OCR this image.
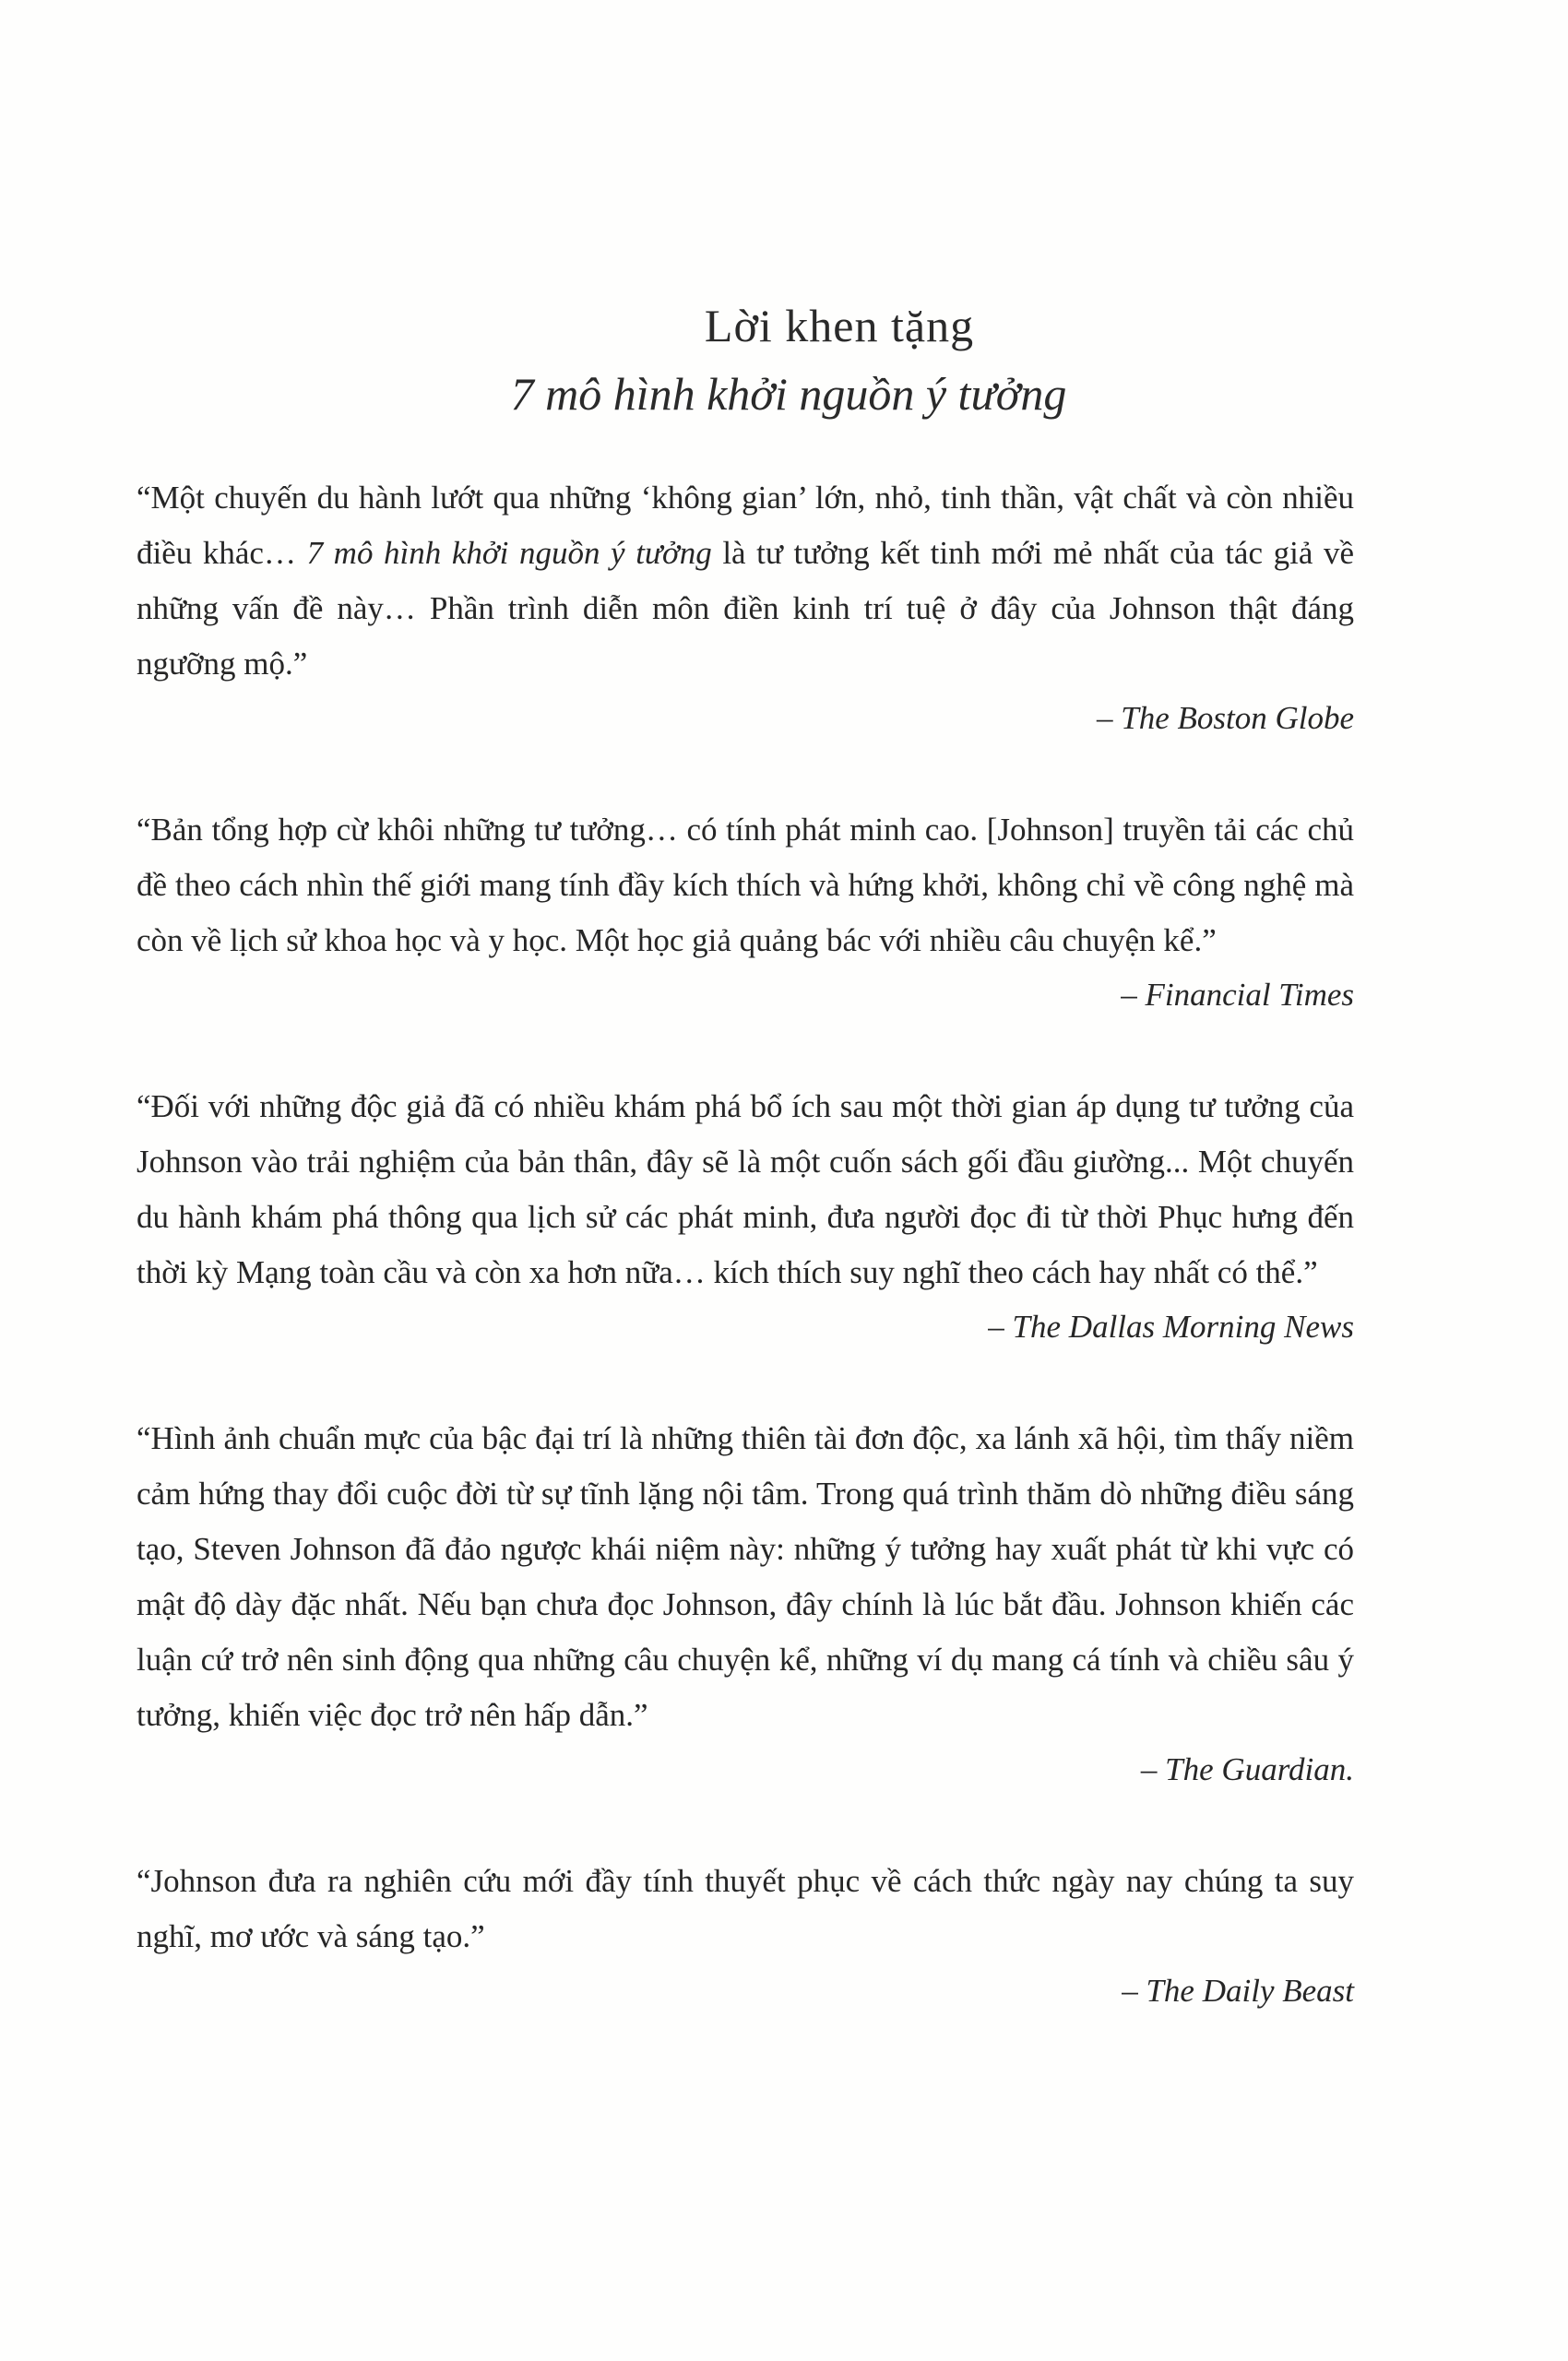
Lời khen tặng
7 mô hình khởi nguồn ý tưởng

“Một chuyến du hành lướt qua những ‘không gian’ lớn, nhỏ, tinh thần, vật chất và còn nhiều điều khác… 7 mô hình khởi nguồn ý tưởng là tư tưởng kết tinh mới mẻ nhất của tác giả về những vấn đề này… Phần trình diễn môn điền kinh trí tuệ ở đây của Johnson thật đáng ngưỡng mộ.”

– The Boston Globe

“Bản tổng hợp cừ khôi những tư tưởng… có tính phát minh cao. [Johnson] truyền tải các chủ đề theo cách nhìn thế giới mang tính đầy kích thích và hứng khởi, không chỉ về công nghệ mà còn về lịch sử khoa học và y học. Một học giả quảng bác với nhiều câu chuyện kể.”

– Financial Times

“Đối với những độc giả đã có nhiều khám phá bổ ích sau một thời gian áp dụng tư tưởng của Johnson vào trải nghiệm của bản thân, đây sẽ là một cuốn sách gối đầu giường... Một chuyến du hành khám phá thông qua lịch sử các phát minh, đưa người đọc đi từ thời Phục hưng đến thời kỳ Mạng toàn cầu và còn xa hơn nữa… kích thích suy nghĩ theo cách hay nhất có thể.”

– The Dallas Morning News

“Hình ảnh chuẩn mực của bậc đại trí là những thiên tài đơn độc, xa lánh xã hội, tìm thấy niềm cảm hứng thay đổi cuộc đời từ sự tĩnh lặng nội tâm. Trong quá trình thăm dò những điều sáng tạo, Steven Johnson đã đảo ngược khái niệm này: những ý tưởng hay xuất phát từ khi vực có mật độ dày đặc nhất. Nếu bạn chưa đọc Johnson, đây chính là lúc bắt đầu. Johnson khiến các luận cứ trở nên sinh động qua những câu chuyện kể, những ví dụ mang cá tính và chiều sâu ý tưởng, khiến việc đọc trở nên hấp dẫn.”

– The Guardian.

“Johnson đưa ra nghiên cứu mới đầy tính thuyết phục về cách thức ngày nay chúng ta suy nghĩ, mơ ước và sáng tạo.”

– The Daily Beast
